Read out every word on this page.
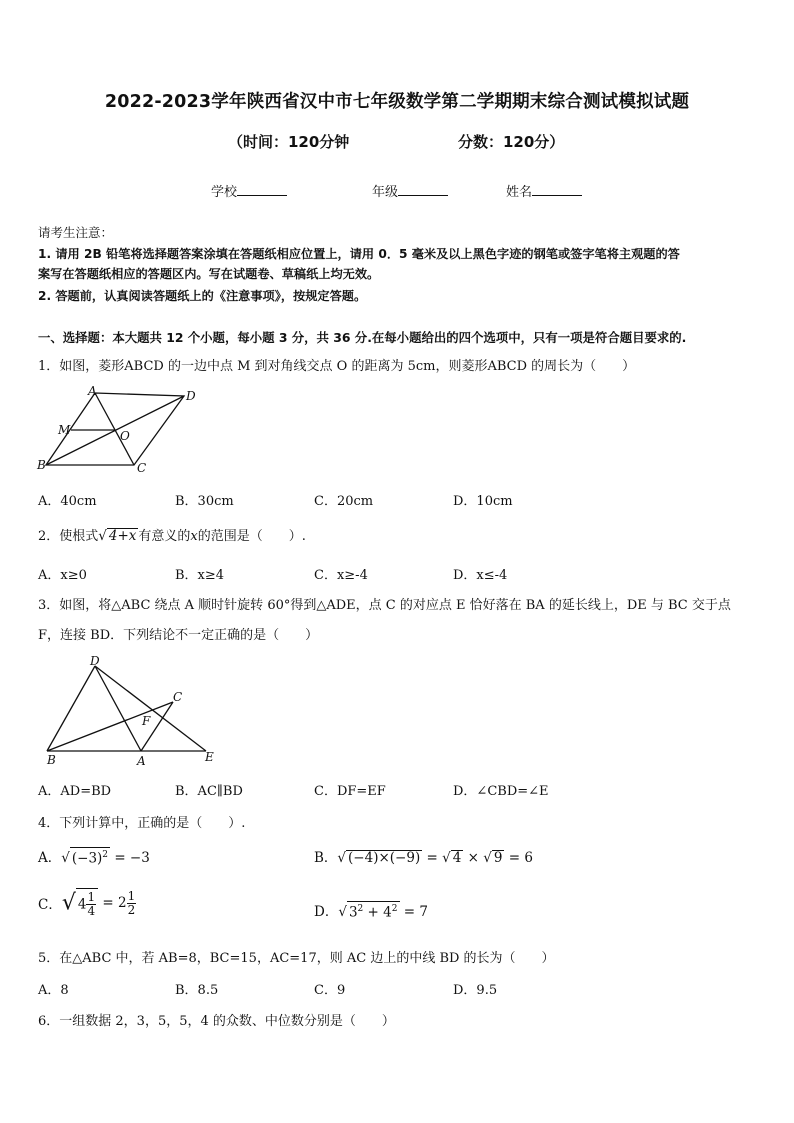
2022-2023学年陕西省汉中市七年级数学第二学期期末综合测试模拟试题
（时间：120分钟	分数：120分）
学校	年级	姓名
请考生注意：
1. 请用 2B 铅笔将选择题答案涂填在答题纸相应位置上，请用 0．5 毫米及以上黑色字迹的钢笔或签字笔将主观题的答
案写在答题纸相应的答题区内。写在试题卷、草稿纸上均无效。
2. 答题前，认真阅读答题纸上的《注意事项》，按规定答题。
一、选择题：本大题共 12 个小题，每小题 3 分，共 36 分.在每小题给出的四个选项中，只有一项是符合题目要求的.
1．如图，菱形ABCD 的一边中点 M 到对角线交点 O 的距离为 5cm，则菱形ABCD 的周长为（　　）
A	D
M	O
B	C
A．40cm	B．30cm	C．20cm	D．10cm
2．使根式√ 4+x 有意义的x的范围是（　　）.
A．x≥0	B．x≥4	C．x≥-4	D．x≤-4
3．如图，将△ABC 绕点 A 顺时针旋转 60°得到△ADE，点 C 的对应点 E 恰好落在 BA 的延长线上，DE 与 BC 交于点
F，连接 BD．下列结论不一定正确的是（　　）
D
C
F
B	A	E
A．AD=BD	B．AC∥BD	C．DF=EF	D．∠CBD=∠E
4．下列计算中，正确的是（　　）.
A．√ $(-3)^2 = -3$	B．√ (−4)×(−9) = √ 4 × √ 9 = 6
C．√ $4 \frac{1}{4} = 2 \frac{1}{2}$	D．√ $3^2 + 4^2 = 7$
5．在△ABC 中，若 AB=8，BC=15，AC=17，则 AC 边上的中线 BD 的长为（　　）
A．8	B．8.5	C．9	D．9.5
6．一组数据 2，3，5，5，4 的众数、中位数分别是（　　）
